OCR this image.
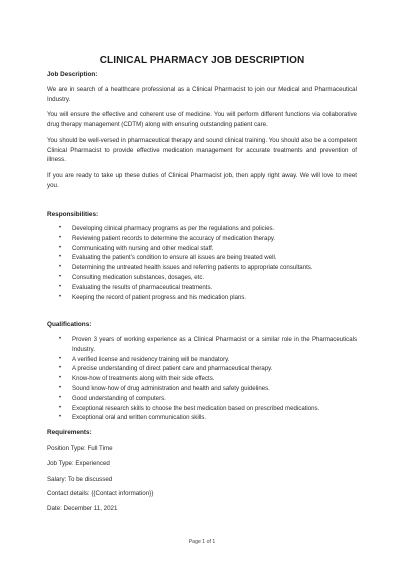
CLINICAL PHARMACY JOB DESCRIPTION
Job Description:
We are in search of a healthcare professional as a Clinical Pharmacist to join our Medical and Pharmaceutical Industry.
You will ensure the effective and coherent use of medicine. You will perform different functions via collaborative drug therapy management (CDTM) along with ensuring outstanding patient care.
You should be well-versed in pharmaceutical therapy and sound clinical training. You should also be a competent Clinical Pharmacist to provide effective medication management for accurate treatments and prevention of illness.
If you are ready to take up these duties of Clinical Pharmacist job, then apply right away. We will love to meet you.
Responsibilities:
• Developing clinical pharmacy programs as per the regulations and policies.
• Reviewing patient records to determine the accuracy of medication therapy.
• Communicating with nursing and other medical staff.
• Evaluating the patient’s condition to ensure all issues are being treated well.
• Determining the untreated health issues and referring patients to appropriate consultants.
• Consulting medication substances, dosages, etc.
• Evaluating the results of pharmaceutical treatments.
• Keeping the record of patient progress and his medication plans.
Qualifications:
• Proven 3 years of working experience as a Clinical Pharmacist or a similar role in the Pharmaceuticals Industry.
• A verified license and residency training will be mandatory.
• A precise understanding of direct patient care and pharmaceutical therapy.
• Know-how of treatments along with their side effects.
• Sound know-how of drug administration and health and safety guidelines.
• Good understanding of computers.
• Exceptional research skills to choose the best medication based on prescribed medications.
• Exceptional oral and written communication skills.
Requirements:
Position Type: Full Time
Job Type: Experienced
Salary: To be discussed
Contact details: {{Contact information}}
Date: December 11, 2021
Page 1 of 1
